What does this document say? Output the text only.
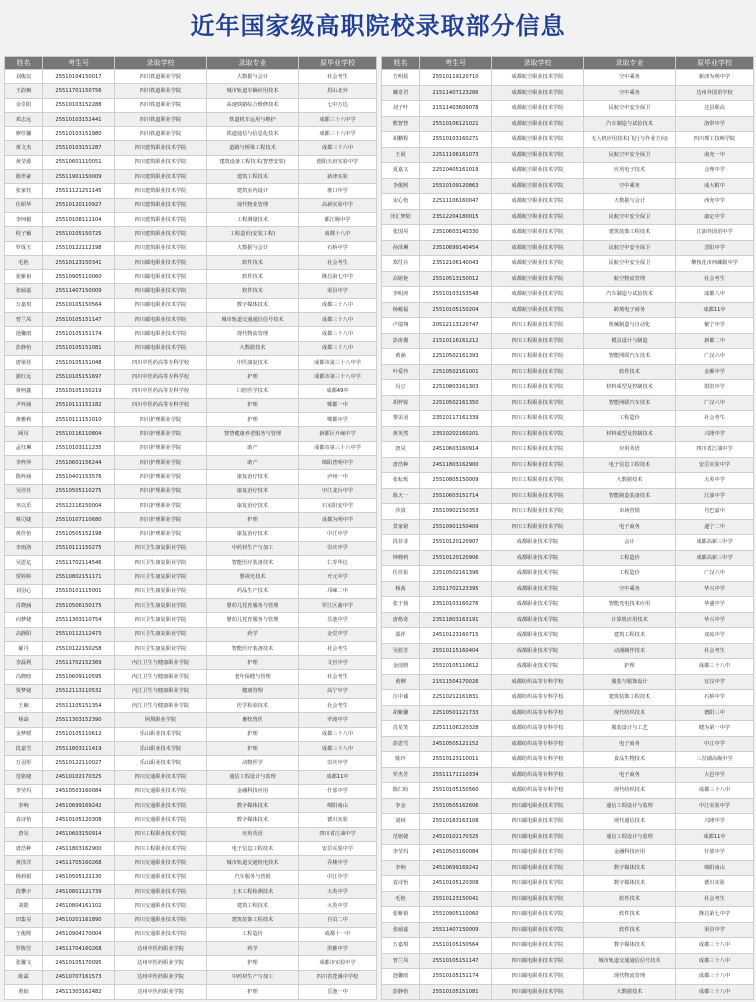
近年国家级高职院校录取部分信息
姓名	考生号	录取学校	录取专业	原毕业学校
刘俊辰	25510104150017	四川铁道职业学院	大数据与会计	社会考生
王韵枫	25511701150756	四川铁道职业学院	城市轨道车辆应用技术	眉山北外
余卓阳	25510103152288	四川铁道职业学院	高速铁路综合维修技术	七中万达
邓志远	25510103152441	四川铁道职业学院	铁道机车运用与维护	成都三十六中学
廖佳馨	25510103151980	四川铁道职业学院	铁道通信与信息化技术	成都三十六中学
黄文杰	25510103151287	四川建筑职业技术学院	道路与桥梁工程技术	成都三十六中
黄莹源	25510601110051	四川建筑职业技术学院	建筑设备工程技术(智慧安装)	德阳天府实验中学
陈世豪	25511901150009	四川建筑职业技术学院	建筑工程技术	新津实验
张家钰	25511121251145	四川建筑职业技术学院	建筑室内设计	淮口中学
任昭华	25510120110927	四川建筑职业技术学院	现代物业管理	高新实验中学
李珂毅	25510108111104	四川建筑职业技术学院	工程测量技术	都江堰中学
程子颖	25510105150725	四川建筑职业技术学院	工程造价(安装工程)	成都十八中
罗成玉	25510122112198	四川建筑职业技术学院	大数据与会计	石桥中学
毛艳	25510123150341	四川邮电职业技术学院	软件技术	社会考生
张紫裕	25510905110060	四川邮电职业技术学院	软件技术	隆昌第七中学
张硕嘉	25511407150009	四川邮电职业技术学院	软件技术	渠县中学
万嘉琪	25510105150564	四川邮电职业技术学院	数字媒体技术	成都三十八中
曾兰凤	25510105151147	四川邮电职业技术学院	城市轨道交通通信信号技术	成都三十八中
池馨雨	25510105151174	四川邮电职业技术学院	现代物流管理	成都三十八中
彭静怡	25510105151081	四川邮电职业技术学院	大数据技术	成都三十八中
唐梁佳	25510105151048	四川中医药高等专科学校	中医康复技术	成都市第三十八中学
蒲红远	25510105151697	四川中医药高等专科学校	护理	成都市第三十八中学
黄柯鑫	25510105150219	四川中医药高等专科学校	口腔医学技术	成都49中
尹梓涵	25510111151182	四川中医药高等专科学校	护理	郫都一中
黄雅莉	25510111151010	四川护理职业学院	护理	郫都中学
顾贝	25510116110804	四川护理职业学院	智慧健康养老服务与管理	新都区升庵中学
孟钰琳	25510103111235	四川护理职业学院	助产	成都市第三十六中学
李梓萍	25510601156244	四川护理职业学院	助产	绵阳普明中学
陈梓涵	25510401153576	四川护理职业学院	康复治疗技术	泸州一中
吴佳任	25510505110275	四川护理职业学院	康复治疗技术	中江龙台中学
巫以乐	25512116150004	四川护理职业学院	康复治疗技术	石室阳安中学
蔡司婕	25510107110680	四川护理职业学院	护理	成都为明中学
黄佳怡	25510505152198	四川护理职业学院	康复治疗技术	中江中学
李雨洛	25510111150275	四川卫生康复职业学院	中药材生产与加工	崇庆中学
吴恩亿	25511702114546	四川卫生康复职业学院	智能医疗装备技术	仁寿华达
贾婷婷	25510802151171	四川卫生康复职业学院	婴视光技术	开元中学
刘羽心	25510101115001	四川卫生康复职业学院	药品生产技术	邛崃二中
肖晓涵	25510506150175	四川卫生康复职业学院	婴幼儿托育服务与管理	罗江区蒲中学
向梦婕	25511303110754	四川卫生康复职业学院	婴幼儿托育服务与管理	岳池中学
高静阳	25510112112473	四川卫生康复职业学院	药学	金堂中学
羅丹	25510122150258	四川卫生康复职业学院	智能医疗装备技术	社会考生
李磊利	25511702152369	内江卫生与健康职业学院	护理	文宫中学
冯晓晗	25510609110595	内江卫生与健康职业学院	老年保健与管理	社会考生
贾梦婕	25512113110532	内江卫生与健康职业学院	健康管理	高宁中学
王娴	25511105151354	内江卫生与健康职业学院	医学检验技术	社会考生
杨焱	25511303152390	阿坝职业学院	畜牧兽医	罗渡中学
金梦媛	25510105110612	乐山职业技术学院	护理	成都三十八中
段嘉雪	25511803111419	乐山职业技术学院	护理	成都三十八中
万羽彤	25510122110027	乐山职业技术学院	动物医学	崇庆中学
范铭婕	24510102170325	四川交通职业技术学院	通信工程设计与监理	成都11中
李莹玛	24510503160084	四川交通职业技术学院	金融科技应用	什邡中学
李响	24510699169242	四川交通职业技术学院	数字媒体技术	绵阳南山
袁诗怡	24510105120308	四川交通职业技术学院	数字媒体技术	德川实验
唐昊	24510603150914	四川工程职业技术学院	应用英语	四川省江油中学
唐浩种	24511803162900	四川工程职业技术学院	电子信息工程技术	安岳实验中学
黄泽洋	24511705160268	四川交通职业技术学院	城市轨道交通机电技术	乔楼中学
杨莉娟	24510505121130	四川交通职业技术学院	汽车服务与营销	中江中学
段攀宇	24510801121739	四川交通职业技术学院	土木工程检测技术	大英中学
刘皓	24510804161102	四川交通职业技术学院	建筑工程技术	大英中学
田集昊	24510201161890	四川交通职业技术学院	建筑装饰工程技术	自贡二中
王俊熙	24510904170004	四川交通职业技术学院	工程造价	成都十一中
罗陈竖	24511704160268	达州中医药职业学院	药学	洪雅中学
张馨文	24510105170095	达州中医药职业学院	护理	成都市实验中学
陈霖	24510707161573	达州中医药职业学院	中药材生产与加工	四川省苍溪中学校
黄灿	24511303162482	达州中医药职业学院	护理	岳池一中
姓名	考生号	录取学校	录取专业	原毕业学校
方明炫	25510119120710	成都航空职业技术学院	空中乘务	新津为明中学
戴奇君	21511407123286	成都航空职业技术学院	空中乘务	达州外国语学校
刘子叶	21511403609078	成都航空职业技术学院	民航空中安全保卫	达县职高
熊智智	25510106121021	成都航空职业技术学院	汽车制造与试验技术	洛带中学
胡鹏程	25510103160271	成都航空职业技术学院	无人机应用技术(飞行与作业方向)	四川理工技师学院
王展	22511106161073	成都航空职业技术学院	民航空中安全保卫	南充一中
夏嘉文	22510405161019	成都航空职业技术学院	应用电子技术	会理中学
李俊熙	25510109120863	成都航空职业技术学院	空中乘务	成大附中
宋心怡	22511106160047	成都航空职业技术学院	大数据与会计	西充中学
泽汇梦阳	23512204180015	成都航空职业技术学院	民航空中安全保卫	康定中学
张国昊	23510603140330	成都航空职业技术学院	建筑装饰工程技术	江油外国语中学
孙泽琳	23510699140454	成都航空职业技术学院	民航空中安全保卫	晋阳中学
郑付兵	23512106140043	成都航空职业技术学院	民航空中安全保卫	攀枝花市西藏级中学
高铭艳	25510513150012	成都航空职业技术学院	航空物流管理	社会考生
李明涛	25510103153548	成都航空职业技术学院	汽车制造与试验技术	成都八中
杨峻福	25510105150204	成都航空职业技术学院	跨境电子商务	成都11中
卢瑞翔	20512113120747	四川工程职业技术学院	机械制造与自动化	紫宁中学
彭涛翼	21510116161212	四川工程职业技术学院	模具设计与制造	新都二中
黄涵	22510502161393	四川工程职业技术学院	智能网联汽车技术	广汉六中
叶爱玲	22510502161001	四川工程职业技术学院	软件技术	金雁中学
冯豆	22510803161303	四川工程职业技术学院	材料成型及控制技术	射洪中学
胡梓锐	22510502161350	四川工程职业技术学院	智能网联汽车技术	广汉六中
黎美羽	23510117161339	四川工程职业技术学院	工程造价	社会考生
黄英然	23510202160201	四川工程职业技术学院	材料成型及控制技术	兴隆中学
唐昊	24510603160914	四川工程职业技术学院	应用英语	四川省江油中学
唐浩种	24511803162900	四川工程职业技术学院	电子信息工程技术	安岳实验中学
张耘烁	25510805150009	四川工程职业技术学院	大数据技术	大英中学
陈天一	25510603151714	四川工程职业技术学院	智能制造装备技术	江油中学
沙滇	25510902150353	四川工程职业技术学院	市场营销	丹巴嘉中
莫家铭	25510901150409	四川工程职业技术学院	电子商务	遂宁二中
段菲菲	25510120120907	成都职业技术学院	会计	成都高新三中学
钟晓莉	25510120120906	成都职业技术学院	工程造价	成都高新三中学
任佳崔	22510502161396	成都职业技术学院	工程造价	广汉六中
杨茜	22511702123395	成都职业技术学院	空中乘务	华兴中学
张于扬	23510103160276	成都职业技术学院	智能光电技术应用	华盛中学
唐格奇	23511803163191	成都职业技术学院	计算机应用技术	华兴中学
邵祥	24510123160715	成都职业技术学院	建筑工程技术	双流中学
吴蓝芳	25510115160404	成都职业技术学院	动漫制作技术	社会考生
金瑶晴	25510105110612	成都职业技术学院	护理	成都三十八中
黄柳	21511504170026	成都纺织高等专科学校	服装与服饰设计	宜汉中学
汪中诚	22510212161831	成都纺织高等专科学校	建筑装饰工程技术	石桥中学
胡紫馨	22510501121733	成都纺织高等专科学校	现代纺织技术	德阳三中
肖星笑	22511106120328	成都纺织高等专科学校	服装设计与工艺	健为第一中学
彭恩雪	24510505121152	成都纺织高等专科学校	电子商务	中江中学
陈玲	25510123110011	成都纺织高等专科学校	食品生物技术	三岔湖高级中学
罗杰芳	25511171110334	成都纺织高等专科学校	电子商务	大邑中学
陈仁盼	25510105150560	成都纺织高等专科学校	现代纺织技术	成都三十八中
李金	25510505162606	四川邮电职业技术学院	通信工程设计与监理	中江实验中学
刘林	25510183163108	四川邮电职业技术学院	现代通信技术	兴隆中学
范铭婕	24510102170325	四川邮电职业技术学院	通信工程设计与监理	成都11中
李莹玛	24510503160084	四川邮电职业技术学院	金融科技应用	什邡中学
李响	24510699169242	四川邮电职业技术学院	数字媒体技术	绵阳南山
袁诗怡	24510105120308	四川邮电职业技术学院	数字媒体技术	德川实验
毛艳	25510123150041	四川邮电职业技术学院	软件技术	社会考生
张紫裕	25510905110060	四川邮电职业技术学院	软件技术	隆昌第七中学
张硕嘉	25511407150009	四川邮电职业技术学院	软件技术	渠县中学
万嘉琪	25510105150564	四川邮电职业技术学院	数字媒体技术	成都三十八中
曾兰凤	25510105151147	四川邮电职业技术学院	城市轨道交通通信信号技术	成都三十八中
池馨雨	25510105151174	四川邮电职业技术学院	现代物流管理	成都三十八中
彭静怡	25510105151081	四川邮电职业技术学院	大数据技术	成都三十八中
